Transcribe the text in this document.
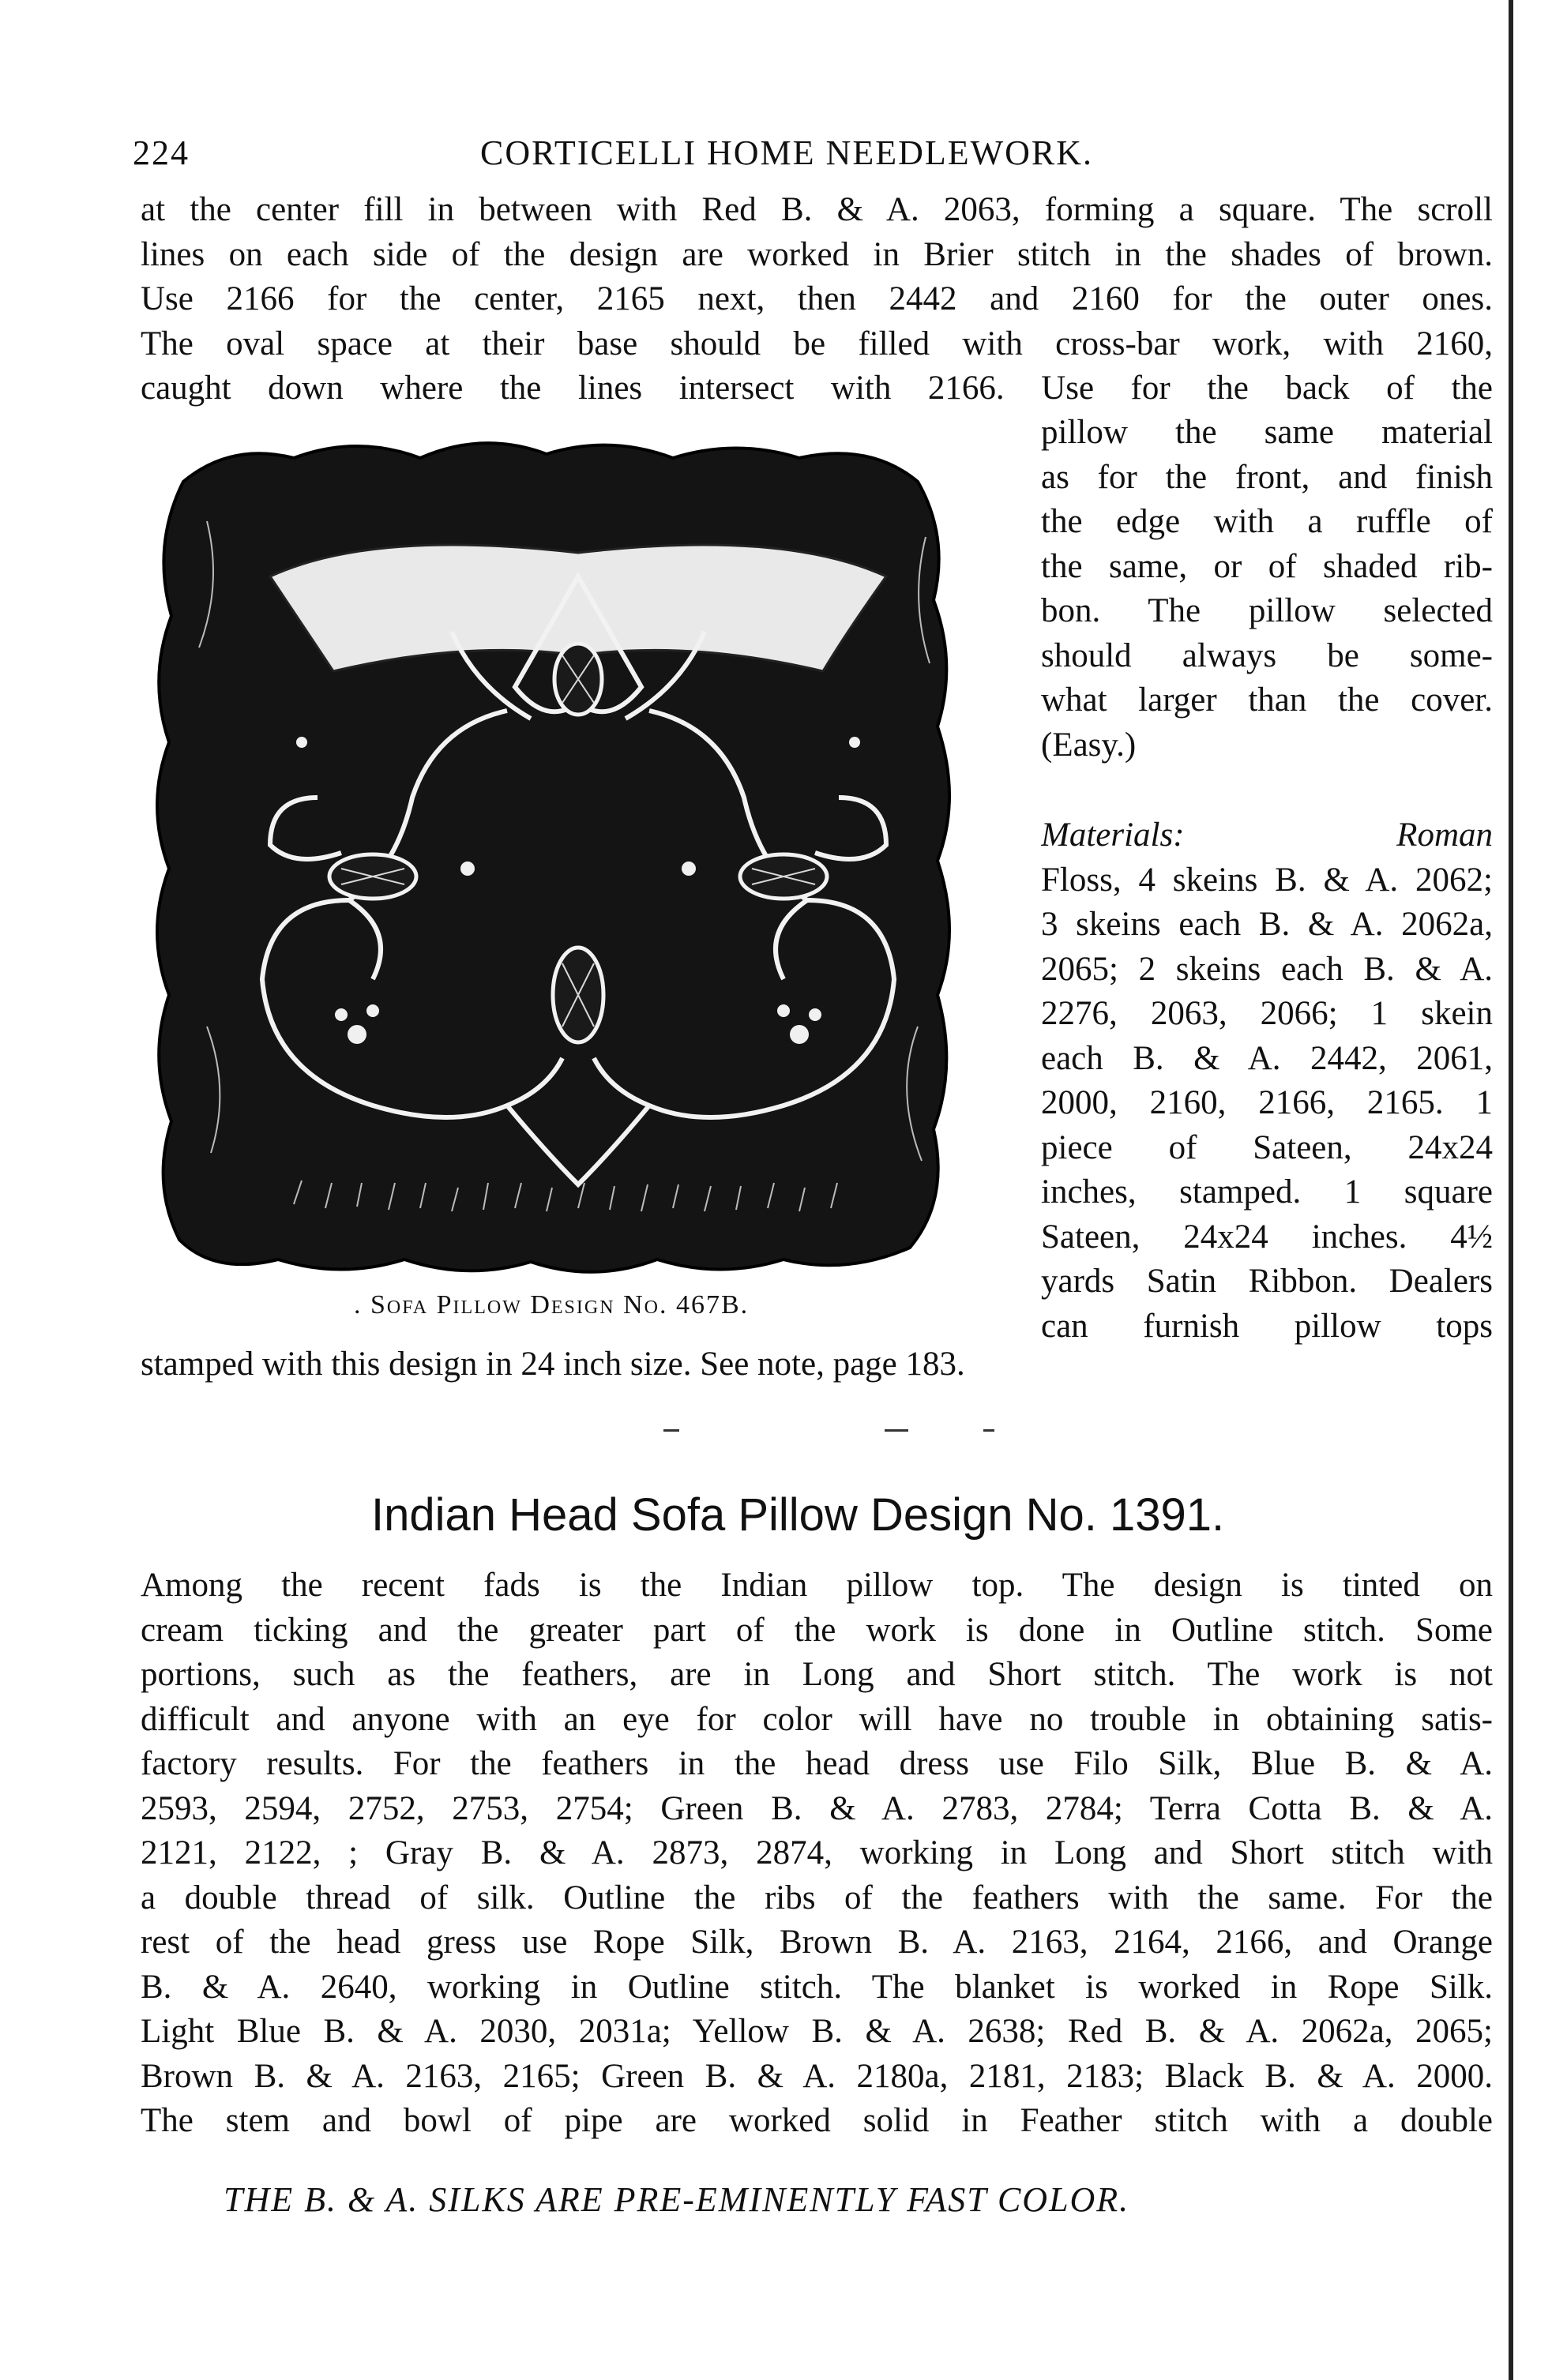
224	CORTICELLI HOME NEEDLEWORK.
at the center fill in between with Red B. & A. 2063, forming a square. The scroll
lines on each side of the design are worked in Brier stitch in the shades of brown.
Use 2166 for the center, 2165 next, then 2442 and 2160 for the outer ones.
The oval space at their base should be filled with cross-bar work, with 2160,
caught down where the lines intersect with 2166. Use for the back of the
pillow the same material
as for the front, and finish
the edge with a ruffle of
the same, or of shaded rib-
bon. The pillow selected
should always be some-
what larger than the cover.
(Easy.)
Materials: Roman
Floss, 4 skeins B. & A. 2062;
3 skeins each B. & A. 2062a,
2065; 2 skeins each B. & A.
2276, 2063, 2066; 1 skein
each B. & A. 2442, 2061,
2000, 2160, 2166, 2165. 1
piece of Sateen, 24x24
inches, stamped. 1 square
Sateen, 24x24 inches. 4½
yards Satin Ribbon. Dealers
can furnish pillow tops
. Sofa Pillow Design No. 467B.
stamped with this design in 24 inch size. See note, page 183.
Indian Head Sofa Pillow Design No. 1391.
Among the recent fads is the Indian pillow top. The design is tinted on
cream ticking and the greater part of the work is done in Outline stitch. Some
portions, such as the feathers, are in Long and Short stitch. The work is not
difficult and anyone with an eye for color will have no trouble in obtaining satis-
factory results. For the feathers in the head dress use Filo Silk, Blue B. & A.
2593, 2594, 2752, 2753, 2754; Green B. & A. 2783, 2784; Terra Cotta B. & A.
2121, 2122, ; Gray B. & A. 2873, 2874, working in Long and Short stitch with
a double thread of silk. Outline the ribs of the feathers with the same. For the
rest of the head gress use Rope Silk, Brown B. A. 2163, 2164, 2166, and Orange
B. & A. 2640, working in Outline stitch. The blanket is worked in Rope Silk.
Light Blue B. & A. 2030, 2031a; Yellow B. & A. 2638; Red B. & A. 2062a, 2065;
Brown B. & A. 2163, 2165; Green B. & A. 2180a, 2181, 2183; Black B. & A. 2000.
The stem and bowl of pipe are worked solid in Feather stitch with a double
THE B. & A. SILKS ARE PRE-EMINENTLY FAST COLOR.
